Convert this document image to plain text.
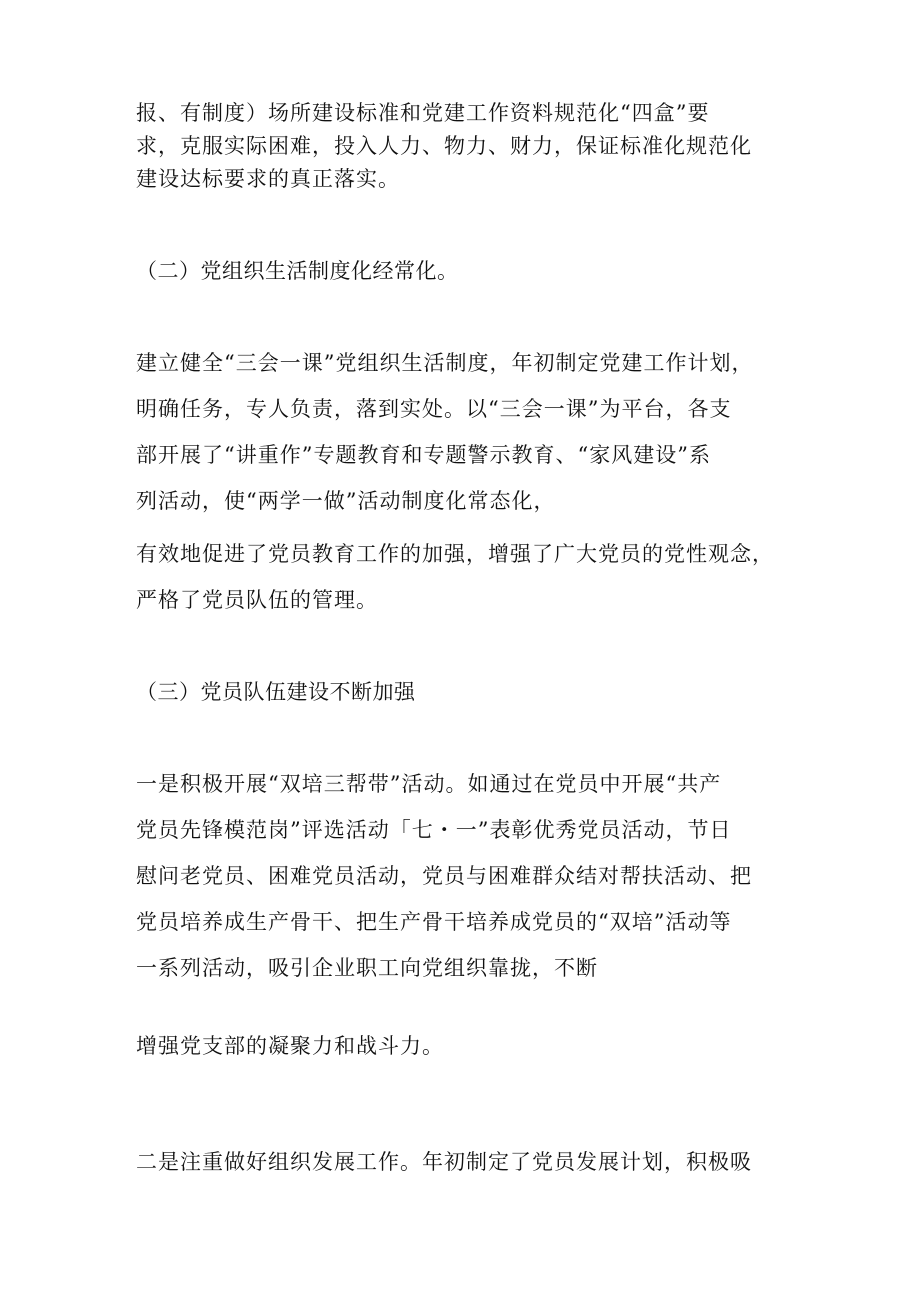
报、有制度）场所建设标准和党建工作资料规范化“四盒”要
求，克服实际困难，投入人力、物力、财力，保证标准化规范化
建设达标要求的真正落实。
（二）党组织生活制度化经常化。
建立健全“三会一课”党组织生活制度，年初制定党建工作计划，
明确任务，专人负责，落到实处。以“三会一课”为平台，各支
部开展了“讲重作”专题教育和专题警示教育、“家风建设”系
列活动，使“两学一做”活动制度化常态化，
有效地促进了党员教育工作的加强，增强了广大党员的党性观念，
严格了党员队伍的管理。
（三）党员队伍建设不断加强
一是积极开展“双培三帮带”活动。如通过在党员中开展“共产
党员先锋模范岗”评选活动「七・一”表彰优秀党员活动，节日
慰问老党员、困难党员活动，党员与困难群众结对帮扶活动、把
党员培养成生产骨干、把生产骨干培养成党员的“双培”活动等
一系列活动，吸引企业职工向党组织靠拢，不断
增强党支部的凝聚力和战斗力。
二是注重做好组织发展工作。年初制定了党员发展计划，积极吸
